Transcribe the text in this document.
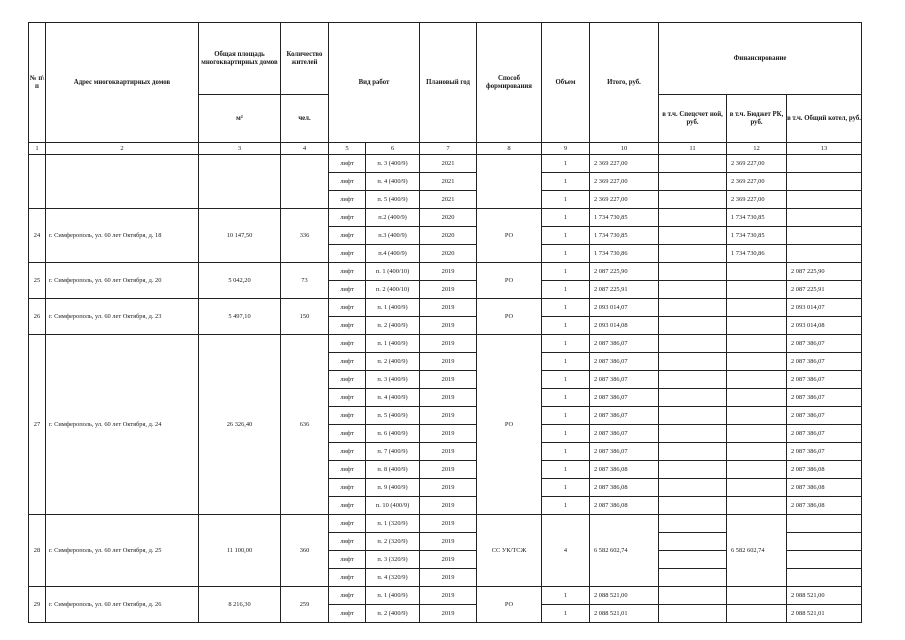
№ п\ п	Адрес многоквартирных домов	Общая площадь многоквартирных домов	Количество жителей	Вид работ		Плановый год	Способ формирования	Объем	Итого, руб.	Финансирование		
		м²	чел.							в т.ч. Спецсчет ной, руб.	в т.ч. Бюджет РК, руб.	в т.ч. Общий котел, руб.
1	2	3	4	5	6	7	8	9	10	11	12	13
				лифт	п. 3 (400/9)	2021		1	2 369 227,00		2 369 227,00	
				лифт	п. 4 (400/9)	2021		1	2 369 227,00		2 369 227,00	
				лифт	п. 5 (400/9)	2021		1	2 369 227,00		2 369 227,00	
24	г. Симферополь, ул. 60 лет Октября, д. 18	10 147,50	336	лифт	п.2 (400/9)	2020	РО	1	1 734 730,85		1 734 730,85	
				лифт	п.3 (400/9)	2020		1	1 734 730,85		1 734 730,85	
				лифт	п.4 (400/9)	2020		1	1 734 730,86		1 734 730,86	
25	г. Симферополь, ул. 60 лет Октября, д. 20	5 042,20	73	лифт	п. 1 (400/10)	2019	РО	1	2 087 225,90			2 087 225,90
				лифт	п. 2 (400/10)	2019		1	2 087 225,91			2 087 225,91
26	г. Симферополь, ул. 60 лет Октября, д. 23	5 497,10	150	лифт	п. 1 (400/9)	2019	РО	1	2 093 014,07			2 093 014,07
				лифт	п. 2 (400/9)	2019		1	2 093 014,08			2 093 014,08
27	г. Симферополь, ул. 60 лет Октября, д. 24	26 326,40	636	лифт	п. 1 (400/9)	2019	РО	1	2 087 386,07			2 087 386,07
				лифт	п. 2 (400/9)	2019		1	2 087 386,07			2 087 386,07
				лифт	п. 3 (400/9)	2019		1	2 087 386,07			2 087 386,07
				лифт	п. 4 (400/9)	2019		1	2 087 386,07			2 087 386,07
				лифт	п. 5 (400/9)	2019		1	2 087 386,07			2 087 386,07
				лифт	п. 6 (400/9)	2019		1	2 087 386,07			2 087 386,07
				лифт	п. 7 (400/9)	2019		1	2 087 386,07			2 087 386,07
				лифт	п. 8 (400/9)	2019		1	2 087 386,08			2 087 386,08
				лифт	п. 9 (400/9)	2019		1	2 087 386,08			2 087 386,08
				лифт	п. 10 (400/9)	2019		1	2 087 386,08			2 087 386,08
28	г. Симферополь, ул. 60 лет Октября, д. 25	11 100,00	360	лифт	п. 1 (320/9)	2019	СС УК/ТСЖ	4	6 582 602,74		6 582 602,74	
				лифт	п. 2 (320/9)	2019						
				лифт	п. 3 (320/9)	2019						
				лифт	п. 4 (320/9)	2019						
29	г. Симферополь, ул. 60 лет Октября, д. 26	8 216,30	259	лифт	п. 1 (400/9)	2019	РО	1	2 088 521,00			2 088 521,00
				лифт	п. 2 (400/9)	2019		1	2 088 521,01			2 088 521,01
